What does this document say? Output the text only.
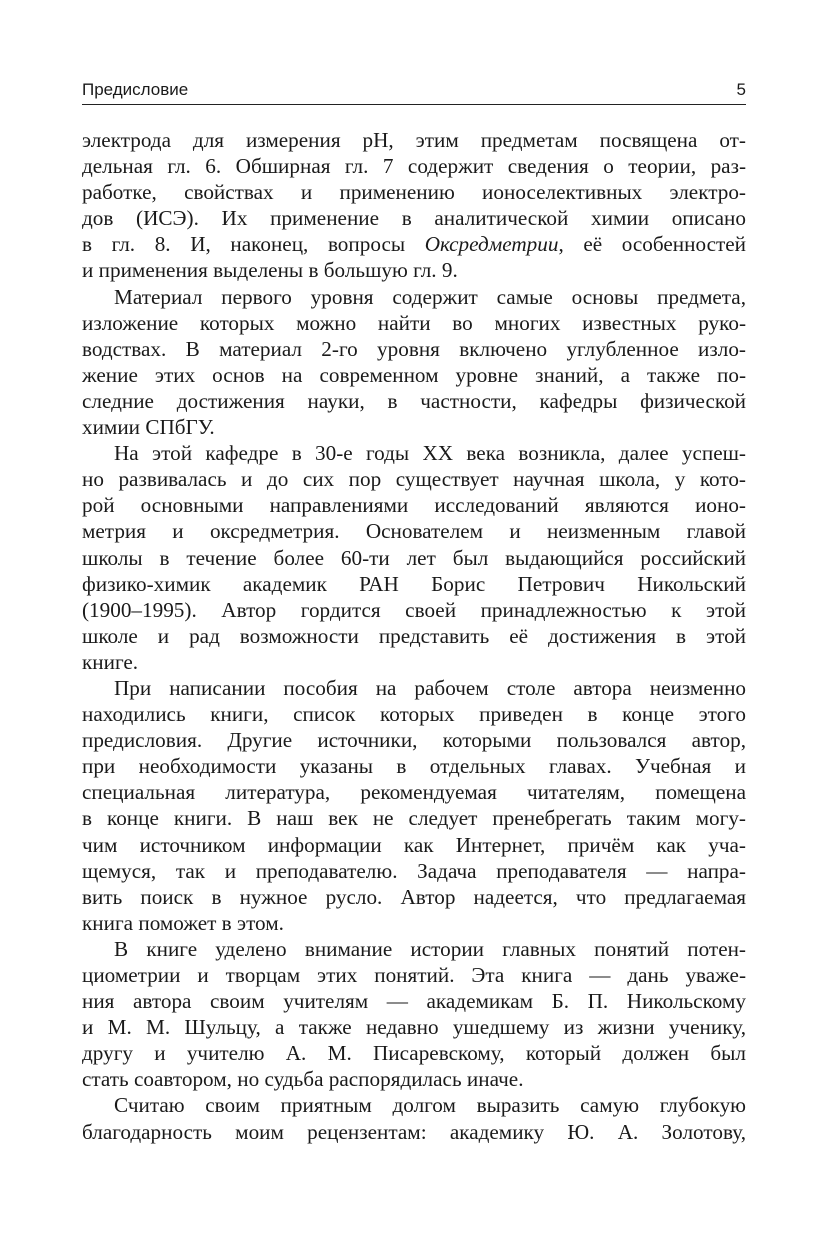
Предисловие	5
электрода для измерения pH, этим предметам посвящена от-
дельная гл. 6. Обширная гл. 7 содержит сведения о теории, раз-
работке, свойствах и применению ионоселективных электро-
дов (ИСЭ). Их применение в аналитической химии описано
в гл. 8. И, наконец, вопросы Оксредметрии, её особенностей
и применения выделены в большую гл. 9.
Материал первого уровня содержит самые основы предмета,
изложение которых можно найти во многих известных руко-
водствах. В материал 2-го уровня включено углубленное изло-
жение этих основ на современном уровне знаний, а также по-
следние достижения науки, в частности, кафедры физической
химии СПбГУ.
На этой кафедре в 30-е годы XX века возникла, далее успеш-
но развивалась и до сих пор существует научная школа, у кото-
рой основными направлениями исследований являются ионо-
метрия и оксредметрия. Основателем и неизменным главой
школы в течение более 60-ти лет был выдающийся российский
физико-химик академик РАН Борис Петрович Никольский
(1900–1995). Автор гордится своей принадлежностью к этой
школе и рад возможности представить её достижения в этой
книге.
При написании пособия на рабочем столе автора неизменно
находились книги, список которых приведен в конце этого
предисловия. Другие источники, которыми пользовался автор,
при необходимости указаны в отдельных главах. Учебная и
специальная литература, рекомендуемая читателям, помещена
в конце книги. В наш век не следует пренебрегать таким могу-
чим источником информации как Интернет, причём как уча-
щемуся, так и преподавателю. Задача преподавателя — напра-
вить поиск в нужное русло. Автор надеется, что предлагаемая
книга поможет в этом.
В книге уделено внимание истории главных понятий потен-
циометрии и творцам этих понятий. Эта книга — дань уваже-
ния автора своим учителям — академикам Б. П. Никольскому
и М. М. Шульцу, а также недавно ушедшему из жизни ученику,
другу и учителю А. М. Писаревскому, который должен был
стать соавтором, но судьба распорядилась иначе.
Считаю своим приятным долгом выразить самую глубокую
благодарность моим рецензентам: академику Ю. А. Золотову,
